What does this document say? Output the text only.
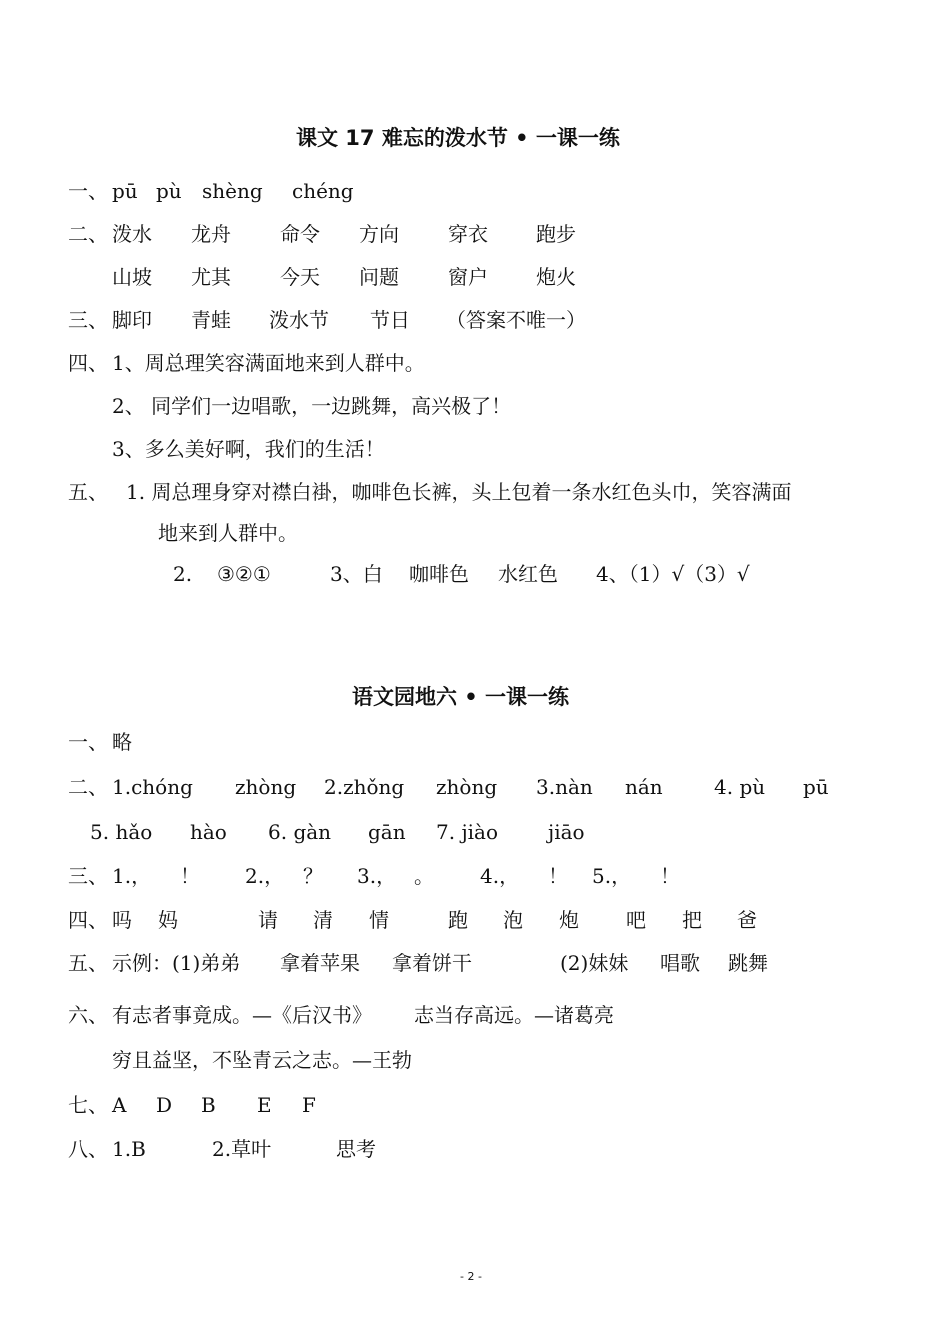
课文 17 难忘的泼水节 • 一课一练
一、 pū pù shèng chéng
二、 泼水 龙舟 命令 方向 穿衣 跑步
山坡 尤其 今天 问题 窗户 炮火
三、 脚印 青蛙 泼水节 节日 （答案不唯一）
四、 1、周总理笑容满面地来到人群中。
2、 同学们一边唱歌，一边跳舞，高兴极了！
3、多么美好啊，我们的生活！
五、 1. 周总理身穿对襟白褂，咖啡色长裤，头上包着一条水红色头巾，笑容满面
地来到人群中。
2. ③②①	3、白 咖啡色 水红色 4、（1）√（3）√
语文园地六 • 一课一练
一、 略
二、 1.chóng zhòng 2.zhǒng zhòng 3.nàn nán	4. pù pū
5. hǎo hào 6. gàn gān 7. jiào jiāo
三、 1.， ！ 2.， ？ 3.， 。 4.， ！ 5.， ！
四、 吗 妈	请 清 情	跑 泡 炮 吧 把 爸
五、 示例：(1)弟弟 拿着苹果 拿着饼干	(2)妹妹 唱歌 跳舞
六、 有志者事竟成。—《后汉书》 志当存高远。—诸葛亮
穷且益坚，不坠青云之志。—王勃
七、 A D B E F
八、 1.B	2.草叶	思考
- 2 -
